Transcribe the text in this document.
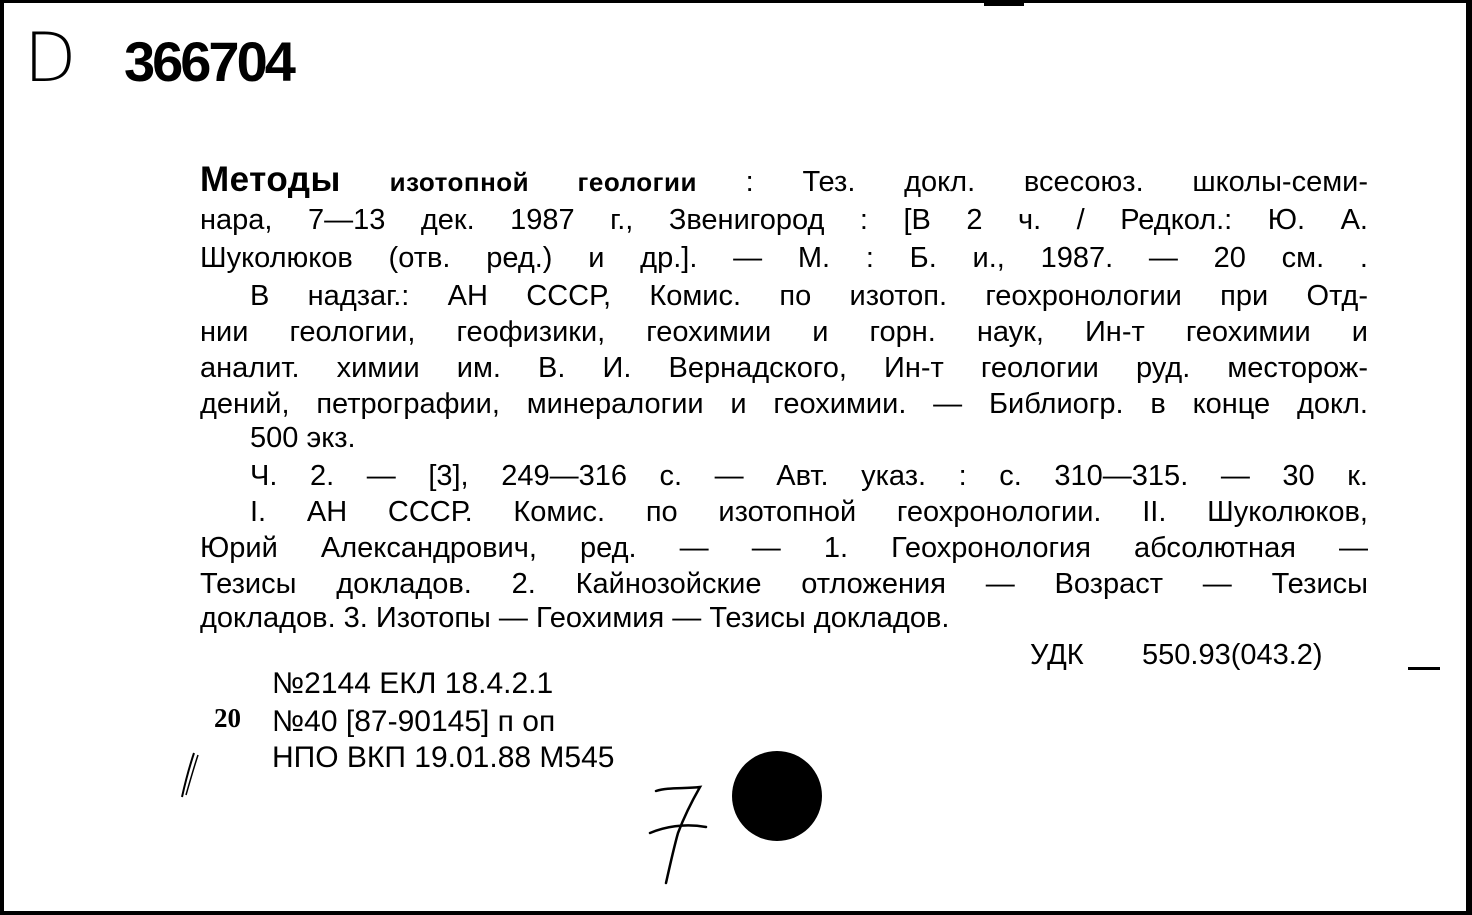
D 366704
Методы изотопной геологии : Тез. докл. всесоюз. школы-семи-
нара, 7—13 дек. 1987 г., Звенигород : [В 2 ч. / Редкол.: Ю. А.
Шуколюков (отв. ред.) и др.]. — М. : Б. и., 1987. — 20 см. .
В надзаг.: АН СССР, Комис. по изотоп. геохронологии при Отд-
нии геологии, геофизики, геохимии и горн. наук, Ин-т геохимии и
аналит. химии им. В. И. Вернадского, Ин-т геологии руд. месторож-
дений, петрографии, минералогии и геохимии. — Библиогр. в конце докл.
500 экз.
Ч. 2. — [3], 249—316 с. — Авт. указ. : с. 310—315. — 30 к.
I. АН СССР. Комис. по изотопной геохронологии. II. Шуколюков,
Юрий Александрович, ред. — — 1. Геохронология абсолютная —
Тезисы докладов. 2. Кайнозойские отложения — Возраст — Тезисы
докладов. 3. Изотопы — Геохимия — Тезисы докладов.
УДК 550.93(043.2)
20
№2144 ЕКЛ 18.4.2.1
№40 [87-90145] п оп
НПО ВКП 19.01.88 М545
